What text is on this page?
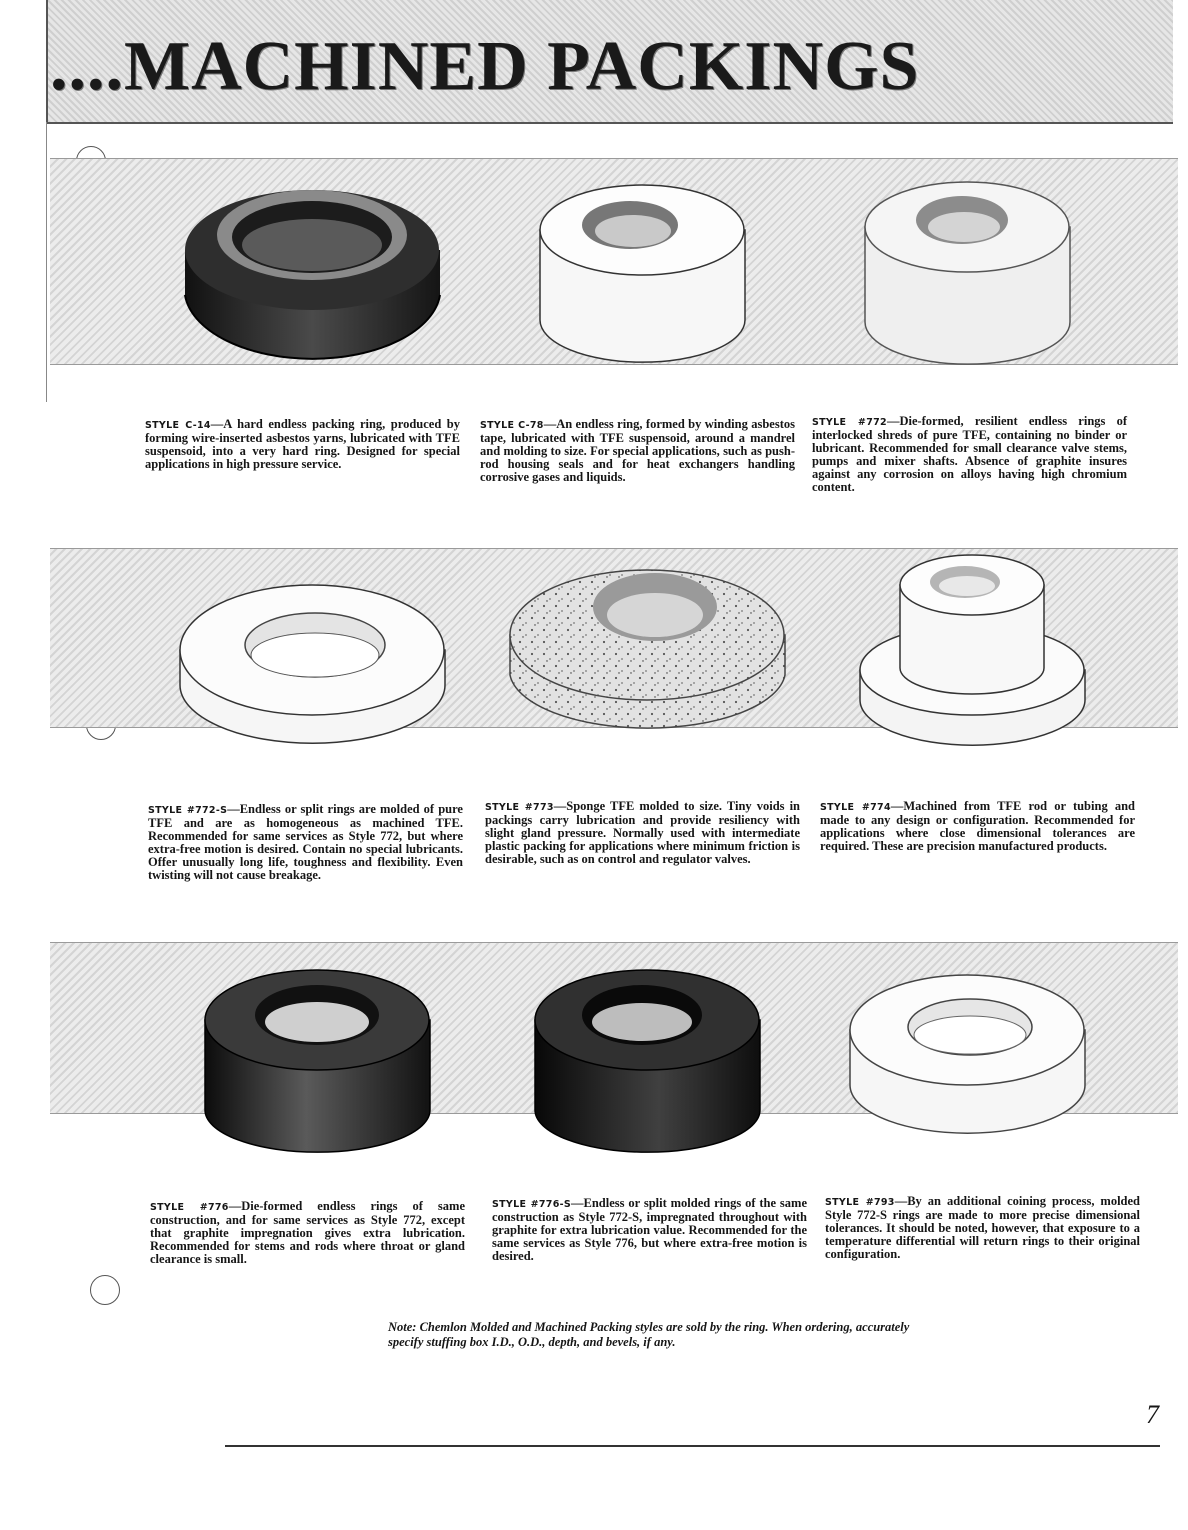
....MACHINED PACKINGS
STYLE C-14—A hard endless packing ring, produced by forming wire-inserted asbestos yarns, lubricated with TFE suspensoid, into a very hard ring. Designed for special applications in high pressure service.
STYLE C-78—An endless ring, formed by winding asbestos tape, lubricated with TFE suspensoid, around a mandrel and molding to size. For special applications, such as push-rod housing seals and for heat exchangers handling corrosive gases and liquids.
STYLE #772—Die-formed, resilient endless rings of interlocked shreds of pure TFE, containing no binder or lubricant. Recommended for small clearance valve stems, pumps and mixer shafts. Absence of graphite insures against any corrosion on alloys having high chromium content.
STYLE #772-S—Endless or split rings are molded of pure TFE and are as homogeneous as machined TFE. Recommended for same services as Style 772, but where extra-free motion is desired. Contain no special lubricants. Offer unusually long life, toughness and flexibility. Even twisting will not cause breakage.
STYLE #773—Sponge TFE molded to size. Tiny voids in packings carry lubrication and provide resiliency with slight gland pressure. Normally used with intermediate plastic packing for applications where minimum friction is desirable, such as on control and regulator valves.
STYLE #774—Machined from TFE rod or tubing and made to any design or configuration. Recommended for applications where close dimensional tolerances are required. These are precision manufactured products.
STYLE #776—Die-formed endless rings of same construction, and for same services as Style 772, except that graphite impregnation gives extra lubrication. Recommended for stems and rods where throat or gland clearance is small.
STYLE #776-S—Endless or split molded rings of the same construction as Style 772-S, impregnated throughout with graphite for extra lubrication value. Recommended for the same services as Style 776, but where extra-free motion is desired.
STYLE #793—By an additional coining process, molded Style 772-S rings are made to more precise dimensional tolerances. It should be noted, however, that exposure to a temperature differential will return rings to their original configuration.
Note: Chemlon Molded and Machined Packing styles are sold by the ring. When ordering, accurately specify stuffing box I.D., O.D., depth, and bevels, if any.
7
